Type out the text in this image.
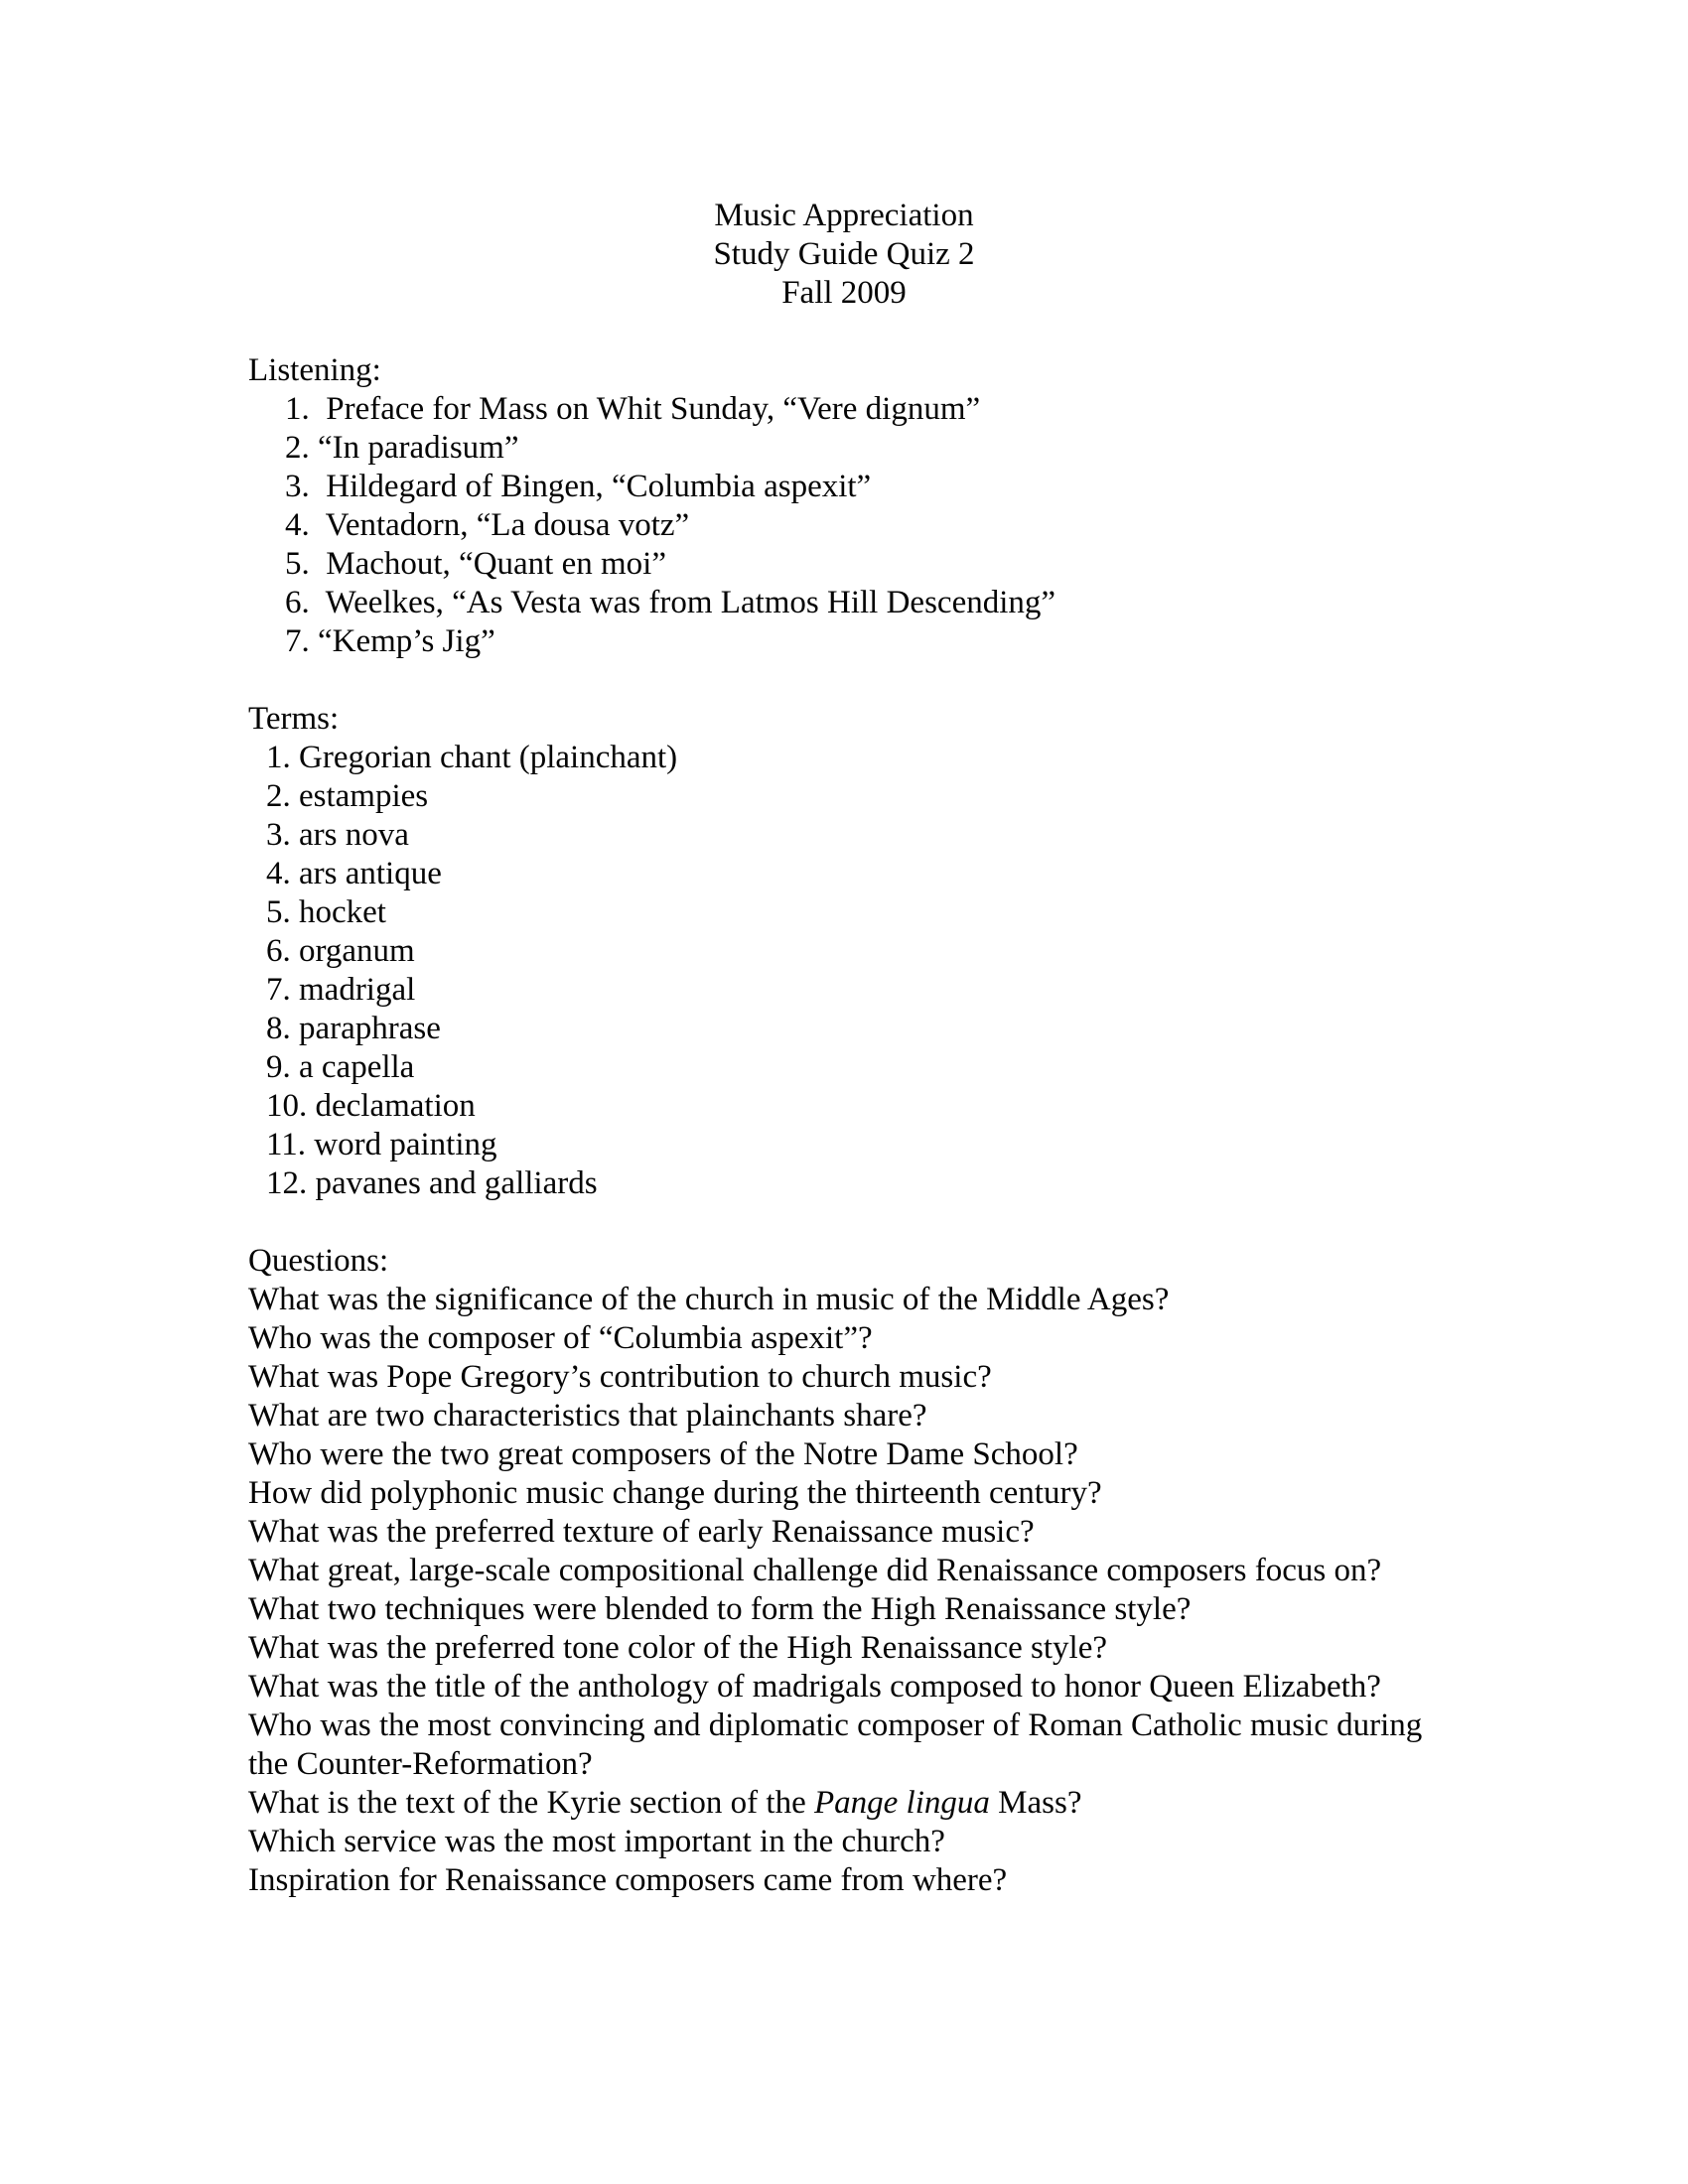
Music Appreciation
Study Guide Quiz 2
Fall 2009
Listening:
1.  Preface for Mass on Whit Sunday, “Vere dignum”
2. “In paradisum”
3.  Hildegard of Bingen, “Columbia aspexit”
4.  Ventadorn, “La dousa votz”
5.  Machout, “Quant en moi”
6.  Weelkes, “As Vesta was from Latmos Hill Descending”
7. “Kemp’s Jig”
Terms:
1. Gregorian chant (plainchant)
2. estampies
3. ars nova
4. ars antique
5. hocket
6. organum
7. madrigal
8. paraphrase
9. a capella
10. declamation
11. word painting
12. pavanes and galliards
Questions:

What was the significance of the church in music of the Middle Ages?

Who was the composer of “Columbia aspexit”?

What was Pope Gregory’s contribution to church music?

What are two characteristics that plainchants share?

Who were the two great composers of the Notre Dame School?

How did polyphonic music change during the thirteenth century?

What was the preferred texture of early Renaissance music?

What great, large-scale compositional challenge did Renaissance composers focus on?

What two techniques were blended to form the High Renaissance style?

What was the preferred tone color of the High Renaissance style?

What was the title of the anthology of madrigals composed to honor Queen Elizabeth?

Who was the most convincing and diplomatic composer of Roman Catholic music during the Counter-Reformation?

What is the text of the Kyrie section of the Pange lingua Mass?

Which service was the most important in the church?

Inspiration for Renaissance composers came from where?
